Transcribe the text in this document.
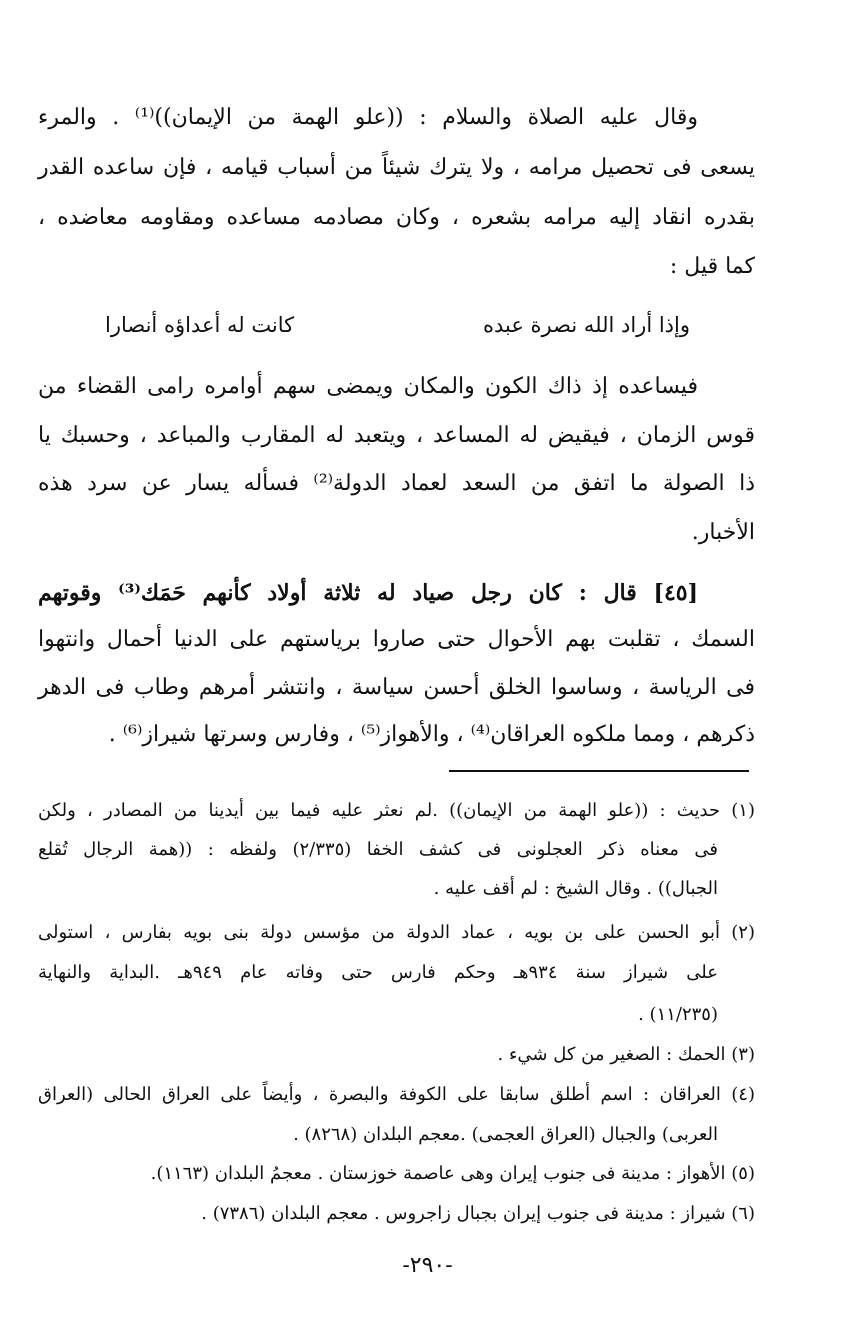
وقال عليه الصلاة والسلام : ((علو الهمة من الإيمان))⁽¹⁾ . والمرء
يسعى فى تحصيل مرامه ، ولا يترك شيئاً من أسباب قيامه ، فإن ساعده القدر
بقدره انقاد إليه مرامه بشعره ، وكان مصادمه مساعده ومقاومه معاضده ،
كما قيل :
وإذا أراد الله نصرة عبده
كانت له أعداؤه أنصارا
فيساعده إذ ذاك الكون والمكان ويمضى سهم أوامره رامى القضاء من
قوس الزمان ، فيقيض له المساعد ، ويتعبد له المقارب والمباعد ، وحسبك يا
ذا الصولة ما اتفق من السعد لعماد الدولة⁽²⁾ فسأله يسار عن سرد هذه
الأخبار.
[٤٥] قال : كان رجل صياد له ثلاثة أولاد كأنهم حَمَك⁽³⁾ وقوتهم
السمك ، تقلبت بهم الأحوال حتى صاروا برياستهم على الدنيا أحمال وانتهوا
فى الرياسة ، وساسوا الخلق أحسن سياسة ، وانتشر أمرهم وطاب فى الدهر
ذكرهم ، ومما ملكوه العراقان⁽⁴⁾ ، والأهواز⁽⁵⁾ ، وفارس وسرتها شيراز⁽⁶⁾ .
(١) حديث : ((علو الهمة من الإيمان)) .لم نعثر عليه فيما بين أيدينا من المصادر ، ولكن
فى معناه ذكر العجلونى فى كشف الخفا (٢/٣٣٥) ولفظه : ((همة الرجال تُقلع
الجبال)) . وقال الشيخ : لم أقف عليه .
(٢) أبو الحسن على بن بويه ، عماد الدولة من مؤسس دولة بنى بويه بفارس ، استولى
على شيراز سنة ٩٣٤هـ وحكم فارس حتى وفاته عام ٩٤٩هـ .البداية والنهاية
(١١/٢٣٥) .
(٣) الحمك : الصغير من كل شيء .
(٤) العراقان : اسم أطلق سابقا على الكوفة والبصرة ، وأيضاً على العراق الحالى (العراق
العربى) والجبال (العراق العجمى) .معجم البلدان (٨٢٦٨) .
(٥) الأهواز : مدينة فى جنوب إيران وهى عاصمة خوزستان . معجمُ البلدان (١١٦٣).
(٦) شيراز : مدينة فى جنوب إيران بجبال زاجروس . معجم البلدان (٧٣٨٦) .
-٢٩٠-
